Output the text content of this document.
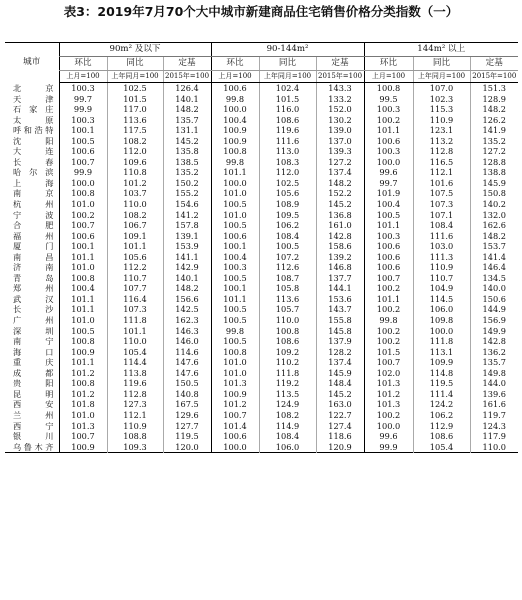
表3：2019年7月70个大中城市新建商品住宅销售价格分类指数（一）
城市	90m² 及以下			90-144m²			144m² 以上		
	环比	同比	定基	环比	同比	定基	环比	同比	定基
	上月=100	上年同月=100	2015年=100	上月=100	上年同月=100	2015年=100	上月=100	上年同月=100	2015年=100
北京	100.3	102.5	126.4	100.6	102.4	143.3	100.8	107.0	151.3
天津	99.7	101.5	140.1	99.8	101.5	133.2	99.5	102.3	128.9
石家庄	99.9	117.0	148.2	100.0	116.0	152.0	100.3	115.3	148.2
太原	100.3	113.6	135.7	100.4	108.6	130.2	100.2	110.9	126.2
呼和浩特	100.1	117.5	131.1	100.9	119.6	139.0	101.1	123.1	141.9
沈阳	100.5	108.2	145.2	100.9	111.6	137.0	100.6	113.2	135.2
大连	100.6	112.0	135.8	100.8	113.0	139.3	100.3	112.8	127.2
长春	100.7	109.6	138.5	99.8	108.3	127.2	100.0	116.5	128.8
哈尔滨	99.9	110.8	135.2	101.1	112.0	137.4	99.6	112.1	138.8
上海	100.0	101.2	150.2	100.0	102.5	148.2	99.7	101.6	145.9
南京	100.8	103.7	155.2	101.0	105.6	152.2	101.9	107.5	150.8
杭州	101.0	110.0	154.6	100.5	108.9	145.2	100.4	107.3	140.2
宁波	100.2	108.2	141.2	101.0	109.5	136.8	100.5	107.1	132.0
合肥	100.7	106.7	157.8	100.5	106.2	161.0	101.1	108.4	162.6
福州	100.6	109.1	139.1	100.6	108.4	142.8	100.3	111.6	148.2
厦门	100.1	101.1	153.9	100.1	100.5	158.6	100.6	103.0	153.7
南昌	101.1	105.6	141.1	100.4	107.2	139.2	100.6	111.3	141.4
济南	101.0	112.2	142.9	100.3	112.6	146.8	100.6	110.9	146.4
青岛	100.8	110.7	140.1	100.5	108.7	137.7	100.7	110.7	134.5
郑州	100.4	107.7	148.2	100.1	105.8	144.1	100.2	104.9	140.0
武汉	101.1	116.4	156.6	101.1	113.6	153.6	101.1	114.5	150.6
长沙	101.1	107.3	142.5	100.5	105.7	143.7	100.2	106.0	144.9
广州	101.0	111.8	162.3	100.5	110.0	155.8	99.8	109.8	156.9
深圳	100.5	101.1	146.3	99.8	100.8	145.8	100.2	100.0	149.9
南宁	100.8	110.0	146.0	100.5	108.6	137.9	100.2	111.8	142.8
海口	100.9	105.4	114.6	100.8	109.2	128.2	101.5	113.1	136.2
重庆	101.1	114.4	147.6	101.0	110.2	137.4	100.7	109.9	135.7
成都	101.2	113.8	147.6	101.0	111.8	145.9	102.0	114.8	149.8
贵阳	100.8	119.6	150.5	101.3	119.2	148.4	101.3	119.5	144.0
昆明	101.2	112.8	140.8	100.9	113.5	145.2	101.2	111.4	139.6
西安	101.8	127.3	167.5	101.2	124.9	163.0	101.3	124.2	161.6
兰州	101.0	112.1	129.6	100.7	108.2	122.7	100.2	106.2	119.7
西宁	101.3	110.9	127.7	101.4	114.9	127.4	100.0	112.9	124.3
银川	100.7	108.8	119.5	100.6	108.4	118.6	99.6	108.6	117.9
乌鲁木齐	100.9	109.3	120.0	100.0	106.0	120.9	99.9	105.4	110.0
